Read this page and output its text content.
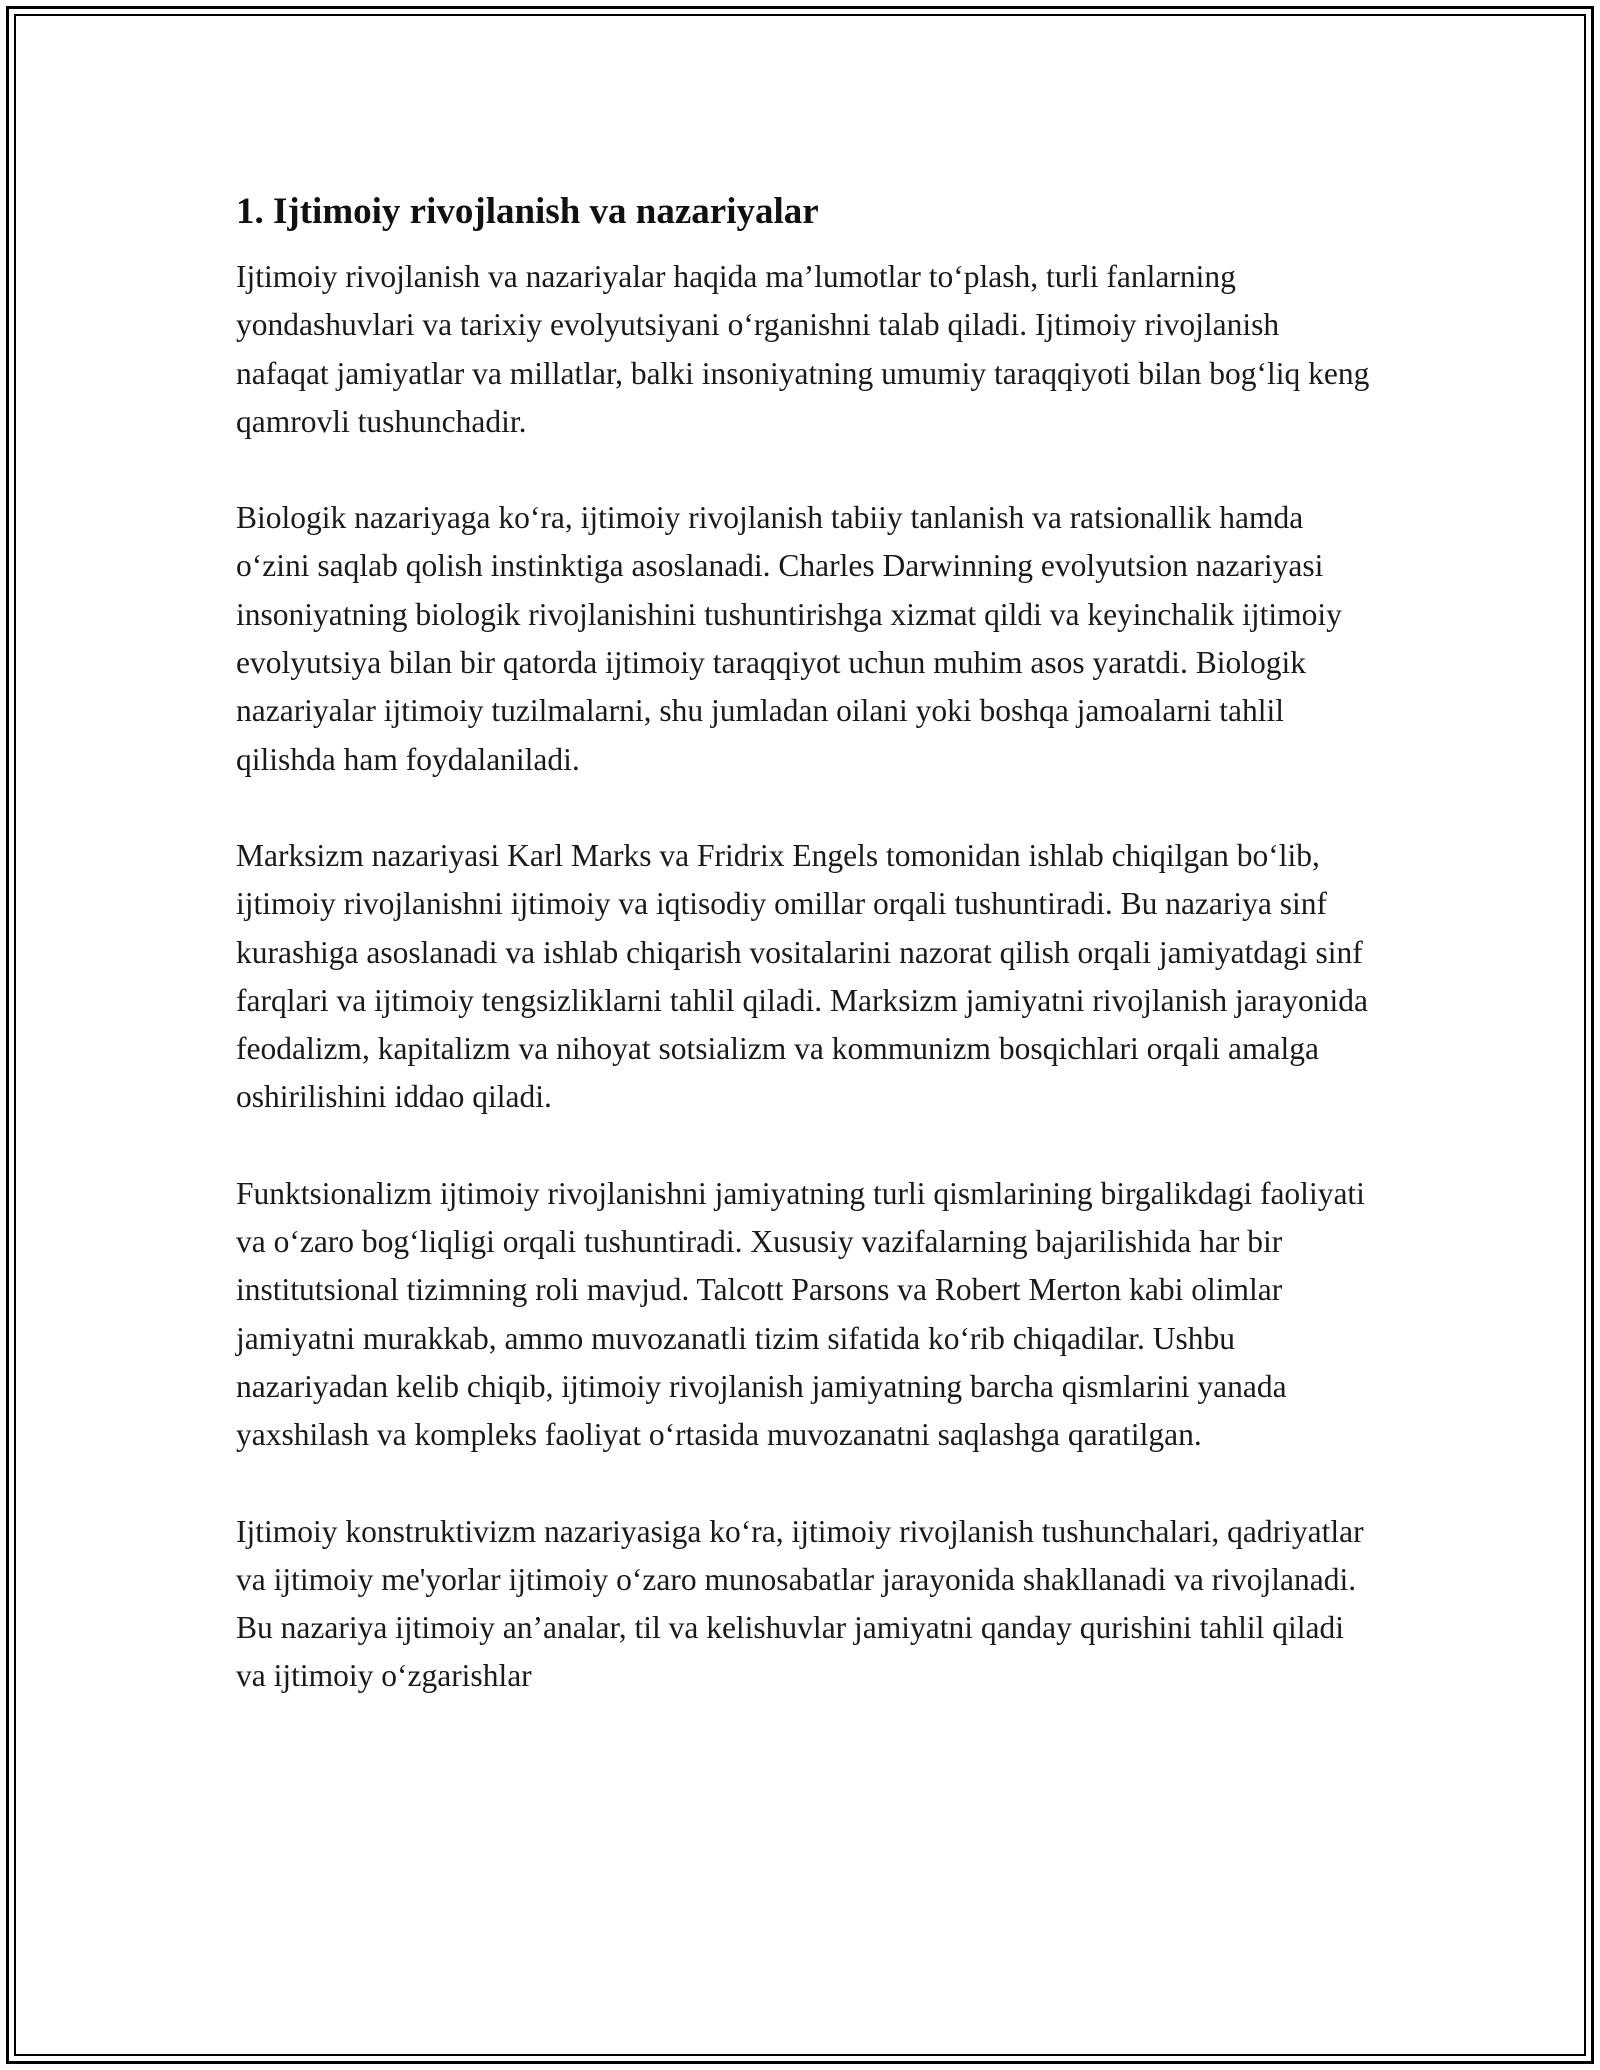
1. Ijtimoiy rivojlanish va nazariyalar

Ijtimoiy rivojlanish va nazariyalar haqida ma’lumotlar to‘plash, turli fanlarning yondashuvlari va tarixiy evolyutsiyani o‘rganishni talab qiladi. Ijtimoiy rivojlanish nafaqat jamiyatlar va millatlar, balki insoniyatning umumiy taraqqiyoti bilan bog‘liq keng qamrovli tushunchadir.

Biologik nazariyaga ko‘ra, ijtimoiy rivojlanish tabiiy tanlanish va ratsionallik hamda o‘zini saqlab qolish instinktiga asoslanadi. Charles Darwinning evolyutsion nazariyasi insoniyatning biologik rivojlanishini tushuntirishga xizmat qildi va keyinchalik ijtimoiy evolyutsiya bilan bir qatorda ijtimoiy taraqqiyot uchun muhim asos yaratdi. Biologik nazariyalar ijtimoiy tuzilmalarni, shu jumladan oilani yoki boshqa jamoalarni tahlil qilishda ham foydalaniladi.

Marksizm nazariyasi Karl Marks va Fridrix Engels tomonidan ishlab chiqilgan bo‘lib, ijtimoiy rivojlanishni ijtimoiy va iqtisodiy omillar orqali tushuntiradi. Bu nazariya sinf kurashiga asoslanadi va ishlab chiqarish vositalarini nazorat qilish orqali jamiyatdagi sinf farqlari va ijtimoiy tengsizliklarni tahlil qiladi. Marksizm jamiyatni rivojlanish jarayonida feodalizm, kapitalizm va nihoyat sotsializm va kommunizm bosqichlari orqali amalga oshirilishini iddao qiladi.

Funktsionalizm ijtimoiy rivojlanishni jamiyatning turli qismlarining birgalikdagi faoliyati va o‘zaro bog‘liqligi orqali tushuntiradi. Xususiy vazifalarning bajarilishida har bir institutsional tizimning roli mavjud. Talcott Parsons va Robert Merton kabi olimlar jamiyatni murakkab, ammo muvozanatli tizim sifatida ko‘rib chiqadilar. Ushbu nazariyadan kelib chiqib, ijtimoiy rivojlanish jamiyatning barcha qismlarini yanada yaxshilash va kompleks faoliyat o‘rtasida muvozanatni saqlashga qaratilgan.

Ijtimoiy konstruktivizm nazariyasiga ko‘ra, ijtimoiy rivojlanish tushunchalari, qadriyatlar va ijtimoiy me'yorlar ijtimoiy o‘zaro munosabatlar jarayonida shakllanadi va rivojlanadi. Bu nazariya ijtimoiy an’analar, til va kelishuvlar jamiyatni qanday qurishini tahlil qiladi va ijtimoiy o‘zgarishlar
